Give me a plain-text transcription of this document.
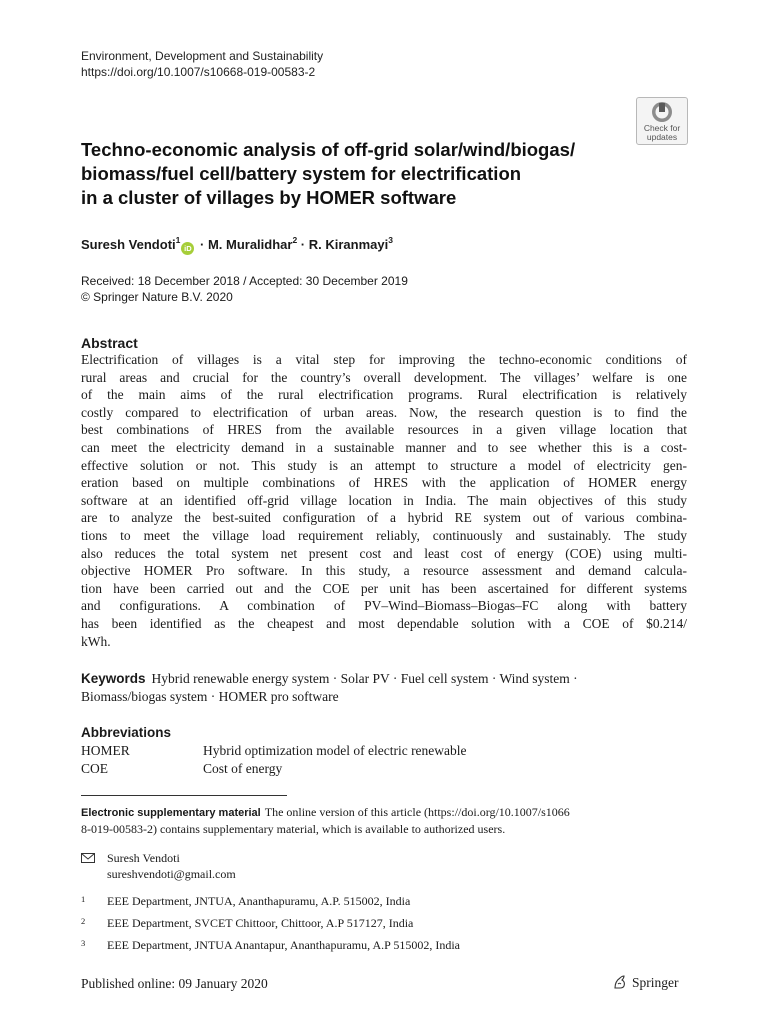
Environment, Development and Sustainability
https://doi.org/10.1007/s10668-019-00583-2
Check for
updates
Techno-economic analysis of off-grid solar/wind/biogas/
biomass/fuel cell/battery system for electrification
in a cluster of villages by HOMER software
Suresh Vendoti$^1$iD · M. Muralidhar$^2$ · R. Kiranmayi$^3$
Received: 18 December 2018 / Accepted: 30 December 2019
© Springer Nature B.V. 2020
Abstract
Electrification of villages is a vital step for improving the techno-economic conditions of
rural areas and crucial for the country’s overall development. The villages’ welfare is one
of the main aims of the rural electrification programs. Rural electrification is relatively
costly compared to electrification of urban areas. Now, the research question is to find the
best combinations of HRES from the available resources in a given village location that
can meet the electricity demand in a sustainable manner and to see whether this is a cost-
effective solution or not. This study is an attempt to structure a model of electricity gen-
eration based on multiple combinations of HRES with the application of HOMER energy
software at an identified off-grid village location in India. The main objectives of this study
are to analyze the best-suited configuration of a hybrid RE system out of various combina-
tions to meet the village load requirement reliably, continuously and sustainably. The study
also reduces the total system net present cost and least cost of energy (COE) using multi-
objective HOMER Pro software. In this study, a resource assessment and demand calcula-
tion have been carried out and the COE per unit has been ascertained for different systems
and configurations. A combination of PV–Wind–Biomass–Biogas–FC along with battery
has been identified as the cheapest and most dependable solution with a COE of $0.214/
kWh.
Keywords Hybrid renewable energy system · Solar PV · Fuel cell system · Wind system ·
Biomass/biogas system · HOMER pro software
Abbreviations
HOMER	Hybrid optimization model of electric renewable
COE	Cost of energy
Electronic supplementary material The online version of this article (https://doi.org/10.1007/s1066
8-019-00583-2) contains supplementary material, which is available to authorized users.
Suresh Vendoti
sureshvendoti@gmail.com
1 EEE Department, JNTUA, Ananthapuramu, A.P. 515002, India
2 EEE Department, SVCET Chittoor, Chittoor, A.P 517127, India
3 EEE Department, JNTUA Anantapur, Ananthapuramu, A.P 515002, India
Published online: 09 January 2020	Springer
